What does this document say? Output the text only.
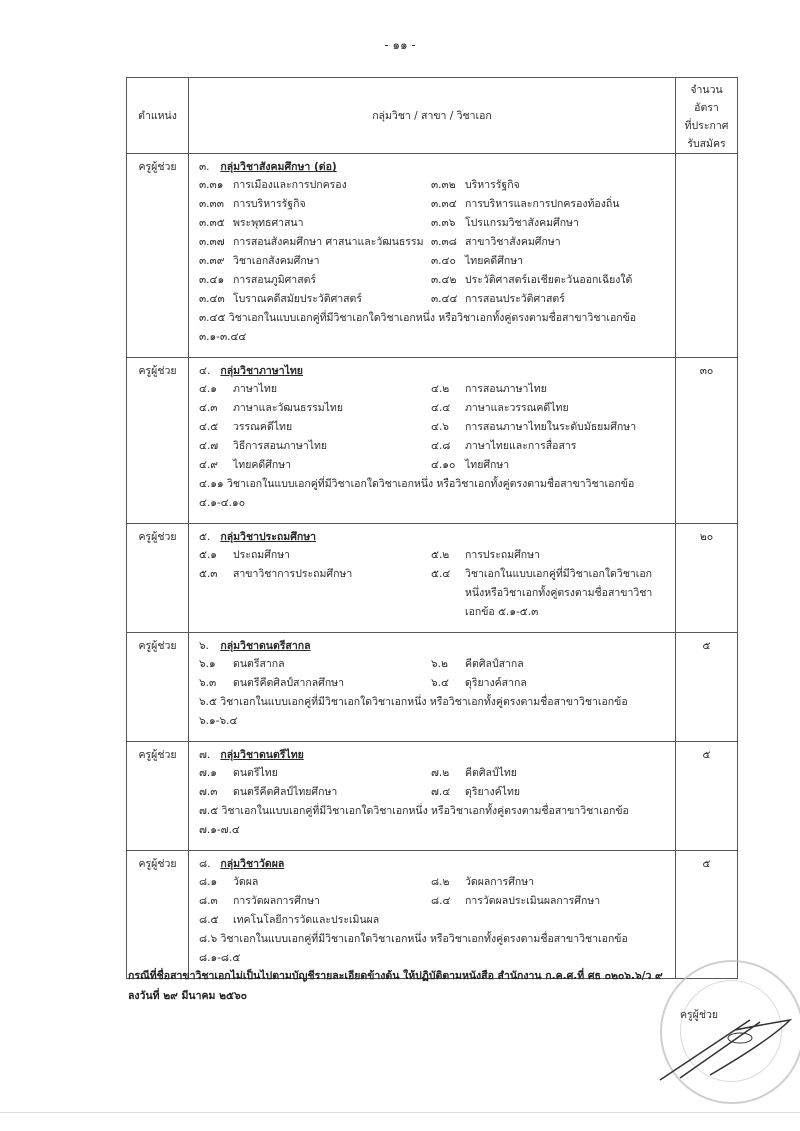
- ๑๑ -
ตำแหน่ง	กลุ่มวิชา / สาขา / วิชาเอก	จำนวน
อัตรา
ที่ประกาศ
รับสมัคร

ครูผู้ช่วย	๓. กลุ่มวิชาสังคมศึกษา (ต่อ)
๓.๓๑ การเมืองและการปกครอง	๓.๓๒ บริหารรัฐกิจ
๓.๓๓ การบริหารรัฐกิจ	๓.๓๔ การบริหารและการปกครองท้องถิ่น
๓.๓๕ พระพุทธศาสนา	๓.๓๖ โปรแกรมวิชาสังคมศึกษา
๓.๓๗ การสอนสังคมศึกษา ศาสนาและวัฒนธรรม ๓.๓๘ สาขาวิชาสังคมศึกษา
๓.๓๙ วิชาเอกสังคมศึกษา	๓.๔๐ ไทยคดีศึกษา
๓.๔๑ การสอนภูมิศาสตร์	๓.๔๒ ประวัติศาสตร์เอเชียตะวันออกเฉียงใต้
๓.๔๓ โบราณคดีสมัยประวัติศาสตร์	๓.๔๔ การสอนประวัติศาสตร์
๓.๔๕ วิชาเอกในแบบเอกคู่ที่มีวิชาเอกใดวิชาเอกหนึ่ง หรือวิชาเอกทั้งคู่ตรงตามชื่อสาขาวิชาเอกข้อ ๓.๑-๓.๔๔

ครูผู้ช่วย	๔. กลุ่มวิชาภาษาไทย
๔.๑	ภาษาไทย	๔.๒	การสอนภาษาไทย
๔.๓	ภาษาและวัฒนธรรมไทย	๔.๔	ภาษาและวรรณคดีไทย
๔.๕	วรรณคดีไทย	๔.๖	การสอนภาษาไทยในระดับมัธยมศึกษา
๔.๗	วิธีการสอนภาษาไทย	๔.๘	ภาษาไทยและการสื่อสาร
๔.๙	ไทยคดีศึกษา	๔.๑๐ ไทยศึกษา
๔.๑๑ วิชาเอกในแบบเอกคู่ที่มีวิชาเอกใดวิชาเอกหนึ่ง หรือวิชาเอกทั้งคู่ตรงตามชื่อสาขาวิชาเอกข้อ ๔.๑-๔.๑๐
	๓๐
ครูผู้ช่วย	๕. กลุ่มวิชาประถมศึกษา
๕.๑	ประถมศึกษา	๕.๒	การประถมศึกษา
๕.๓	สาขาวิชาการประถมศึกษา	๕.๔	วิชาเอกในแบบเอกคู่ที่มีวิชาเอกใดวิชาเอกหนึ่งหรือวิชาเอกทั้งคู่ตรงตามชื่อสาขาวิชาเอกข้อ ๕.๑-๕.๓
	๒๐
ครูผู้ช่วย	๖. กลุ่มวิชาดนตรีสากล
๖.๑	ดนตรีสากล	๖.๒	คีตศิลป์สากล
๖.๓	ดนตรีคีตศิลป์สากลศึกษา	๖.๔	ดุริยางค์สากล
๖.๕ วิชาเอกในแบบเอกคู่ที่มีวิชาเอกใดวิชาเอกหนึ่ง หรือวิชาเอกทั้งคู่ตรงตามชื่อสาขาวิชาเอกข้อ ๖.๑-๖.๔
	๕
ครูผู้ช่วย	๗. กลุ่มวิชาดนตรีไทย
๗.๑	ดนตรีไทย	๗.๒	คีตศิลป์ไทย
๗.๓	ดนตรีคีตศิลป์ไทยศึกษา	๗.๔	ดุริยางค์ไทย
๗.๕ วิชาเอกในแบบเอกคู่ที่มีวิชาเอกใดวิชาเอกหนึ่ง หรือวิชาเอกทั้งคู่ตรงตามชื่อสาขาวิชาเอกข้อ ๗.๑-๗.๔
	๕
ครูผู้ช่วย	๘. กลุ่มวิชาวัดผล
๘.๑	วัดผล	๘.๒	วัดผลการศึกษา
๘.๓	การวัดผลการศึกษา	๘.๔	การวัดผลประเมินผลการศึกษา
๘.๕	เทคโนโลยีการวัดและประเมินผล
๘.๖ วิชาเอกในแบบเอกคู่ที่มีวิชาเอกใดวิชาเอกหนึ่ง หรือวิชาเอกทั้งคู่ตรงตามชื่อสาขาวิชาเอกข้อ ๘.๑-๘.๕
	๕
กรณีที่ชื่อสาขาวิชาเอกไม่เป็นไปตามบัญชีรายละเอียดข้างต้น ให้ปฏิบัติตามหนังสือ สำนักงาน ก.ค.ศ.ที่ ศธ ๐๒๐๖.๖/ว ๙
ลงวันที่ ๒๙ มีนาคม ๒๕๖๐
ครูผู้ช่วย
